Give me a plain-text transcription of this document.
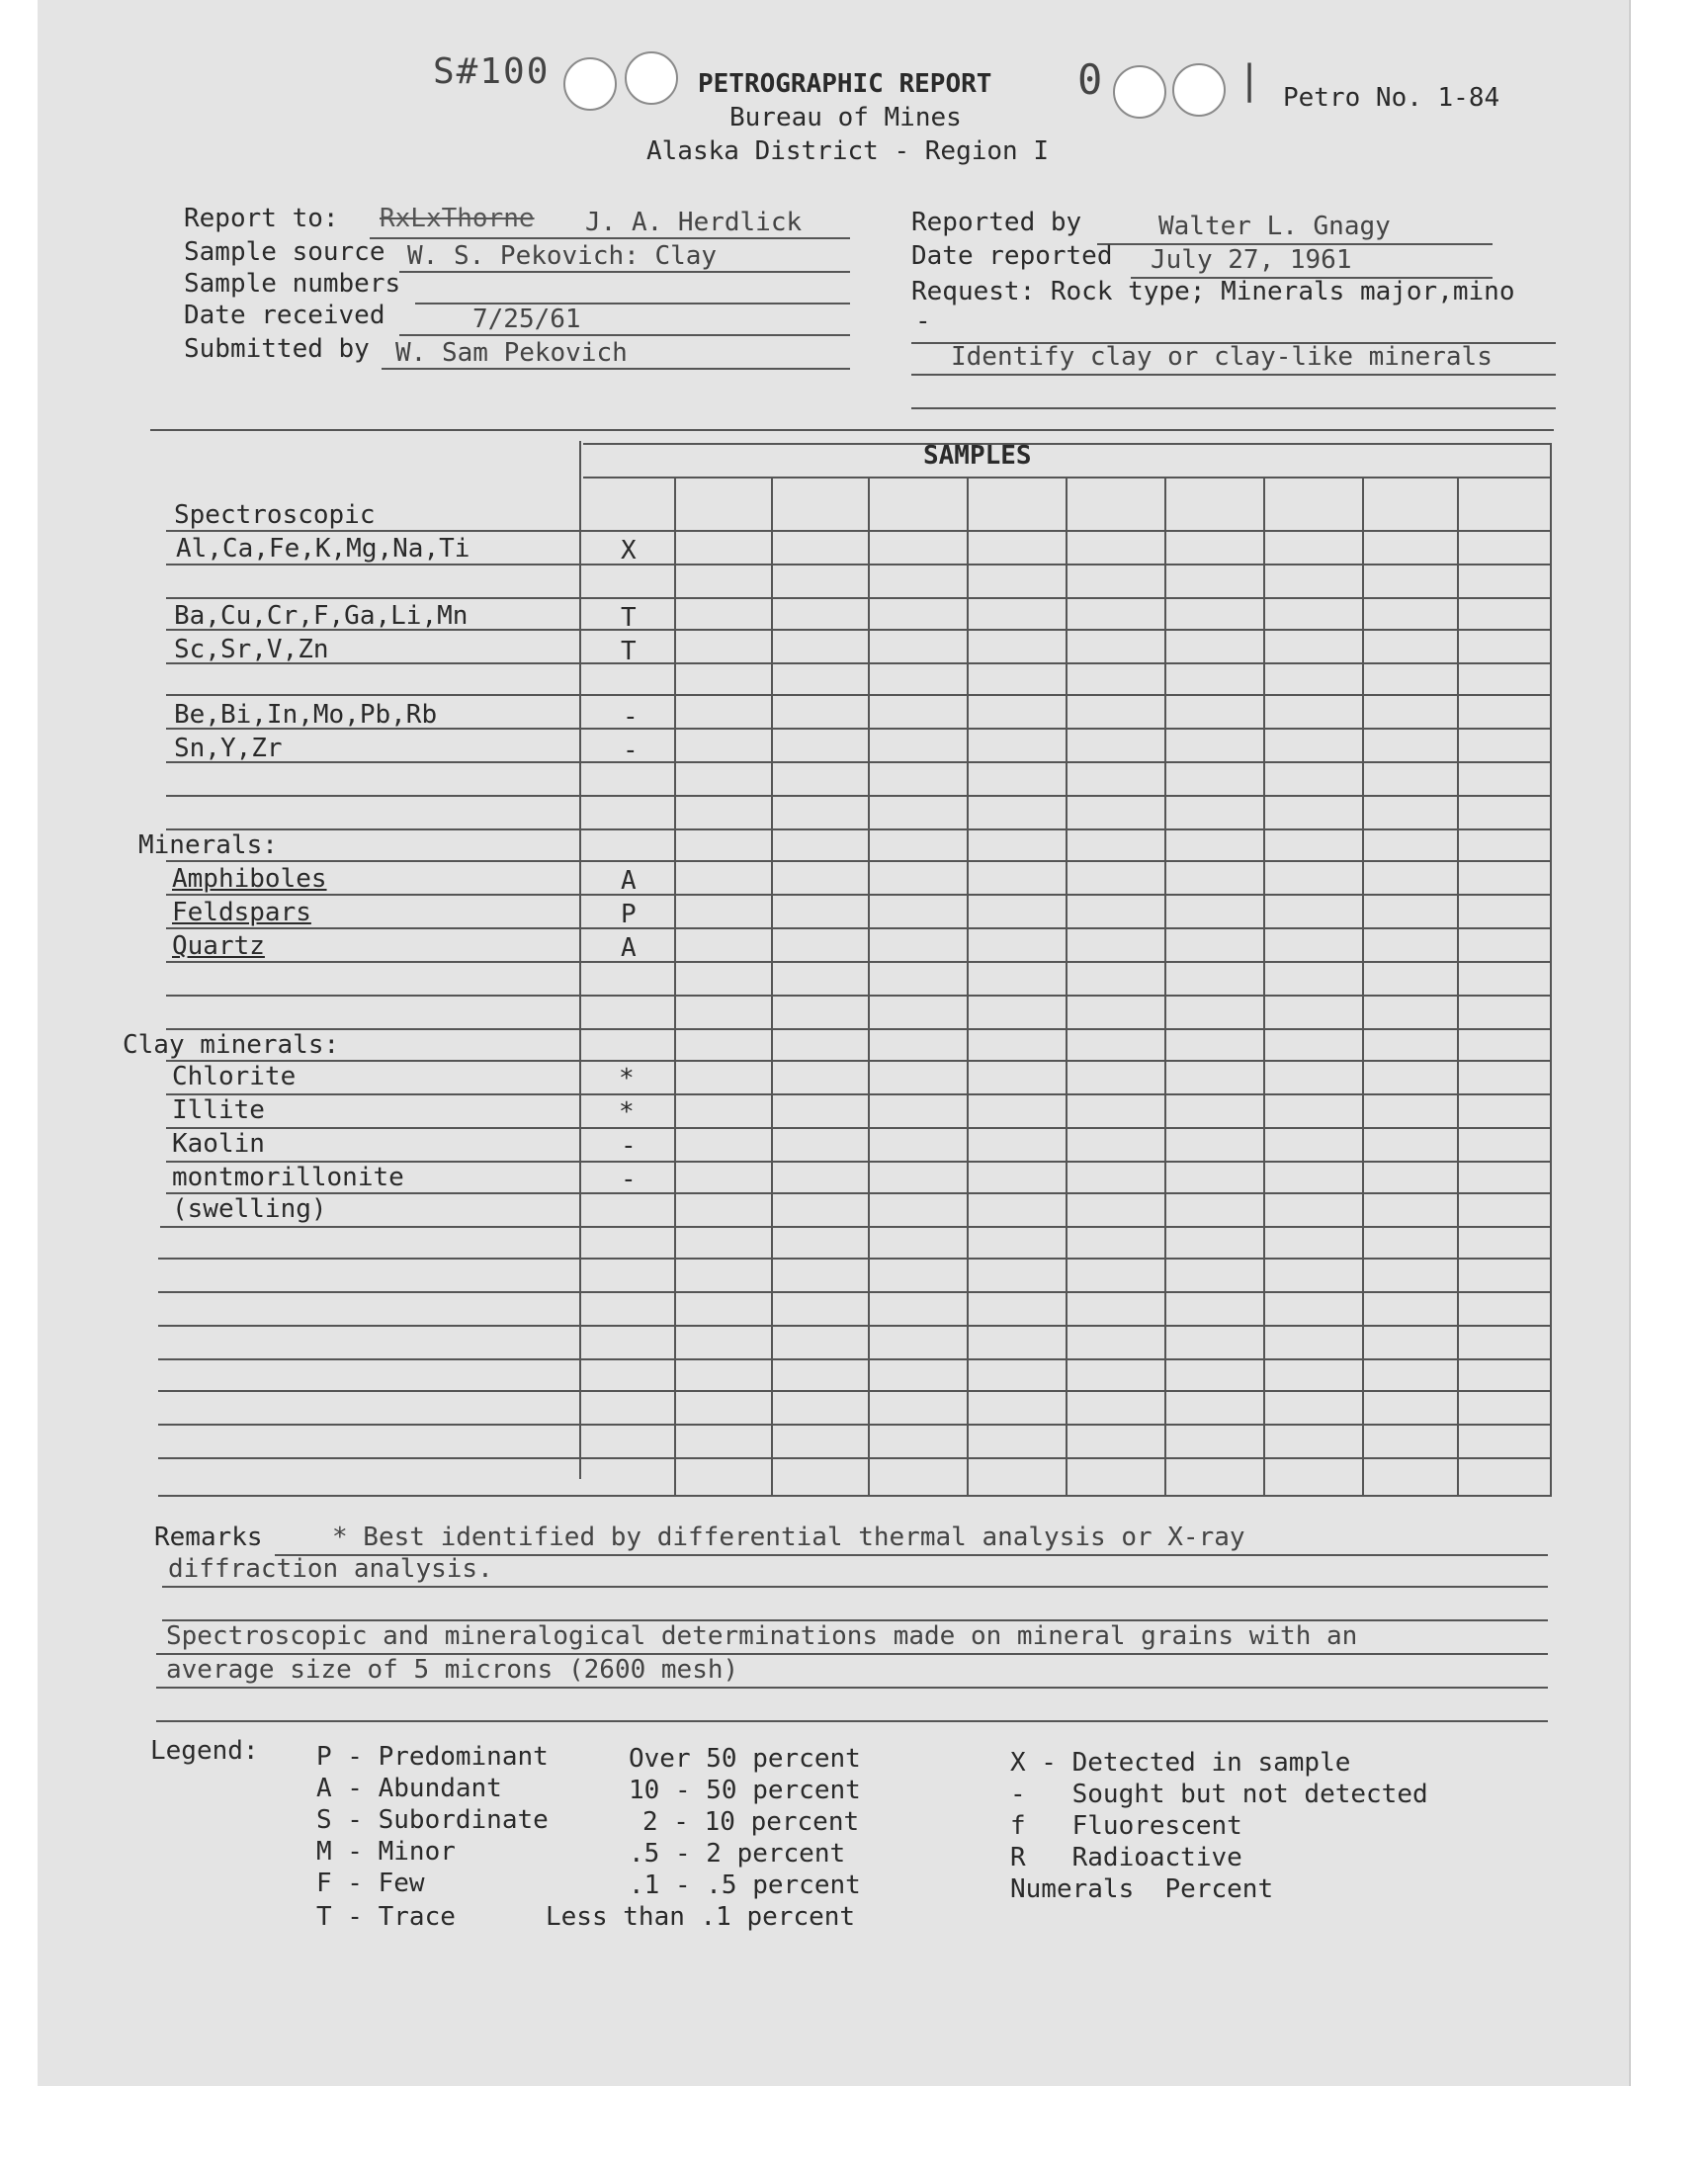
S#100	PETROGRAPHIC REPORT 0	| Petro No. 1-84
Bureau of Mines
Alaska District - Region I
Report to: RxLxThorne J. A. Herdlick
Sample source W. S. Pekovich: Clay
Sample numbers
Date received	7/25/61
Submitted by W. Sam Pekovich
Reported by	Walter L. Gnagy
Date reported July 27, 1961
Request: Rock type; Minerals major,mino
-
Identify clay or clay-like minerals
SAMPLES
Spectroscopic
Al,Ca,Fe,K,Mg,Na,Ti	X
Ba,Cu,Cr,F,Ga,Li,Mn	T
Sc,Sr,V,Zn	T
Be,Bi,In,Mo,Pb,Rb	-
Sn,Y,Zr	-
Minerals:
Amphiboles	A
Feldspars	P
Quartz	A
Clay minerals:
Chlorite	*
Illite	*
Kaolin	-
montmorillonite	-
(swelling)
Remarks	* Best identified by differential thermal analysis or X-ray
diffraction analysis.
Spectroscopic and mineralogical determinations made on mineral grains with an
average size of 5 microns (2600 mesh)
Legend: P - Predominant	Over 50 percent
A - Abundant	10 - 50 percent
S - Subordinate	2 - 10 percent
M - Minor	.5 - 2 percent
F - Few	.1 - .5 percent
T - Trace	Less than .1 percent
X - Detected in sample
-   Sought but not detected
f   Fluorescent
R   Radioactive
Numerals  Percent
